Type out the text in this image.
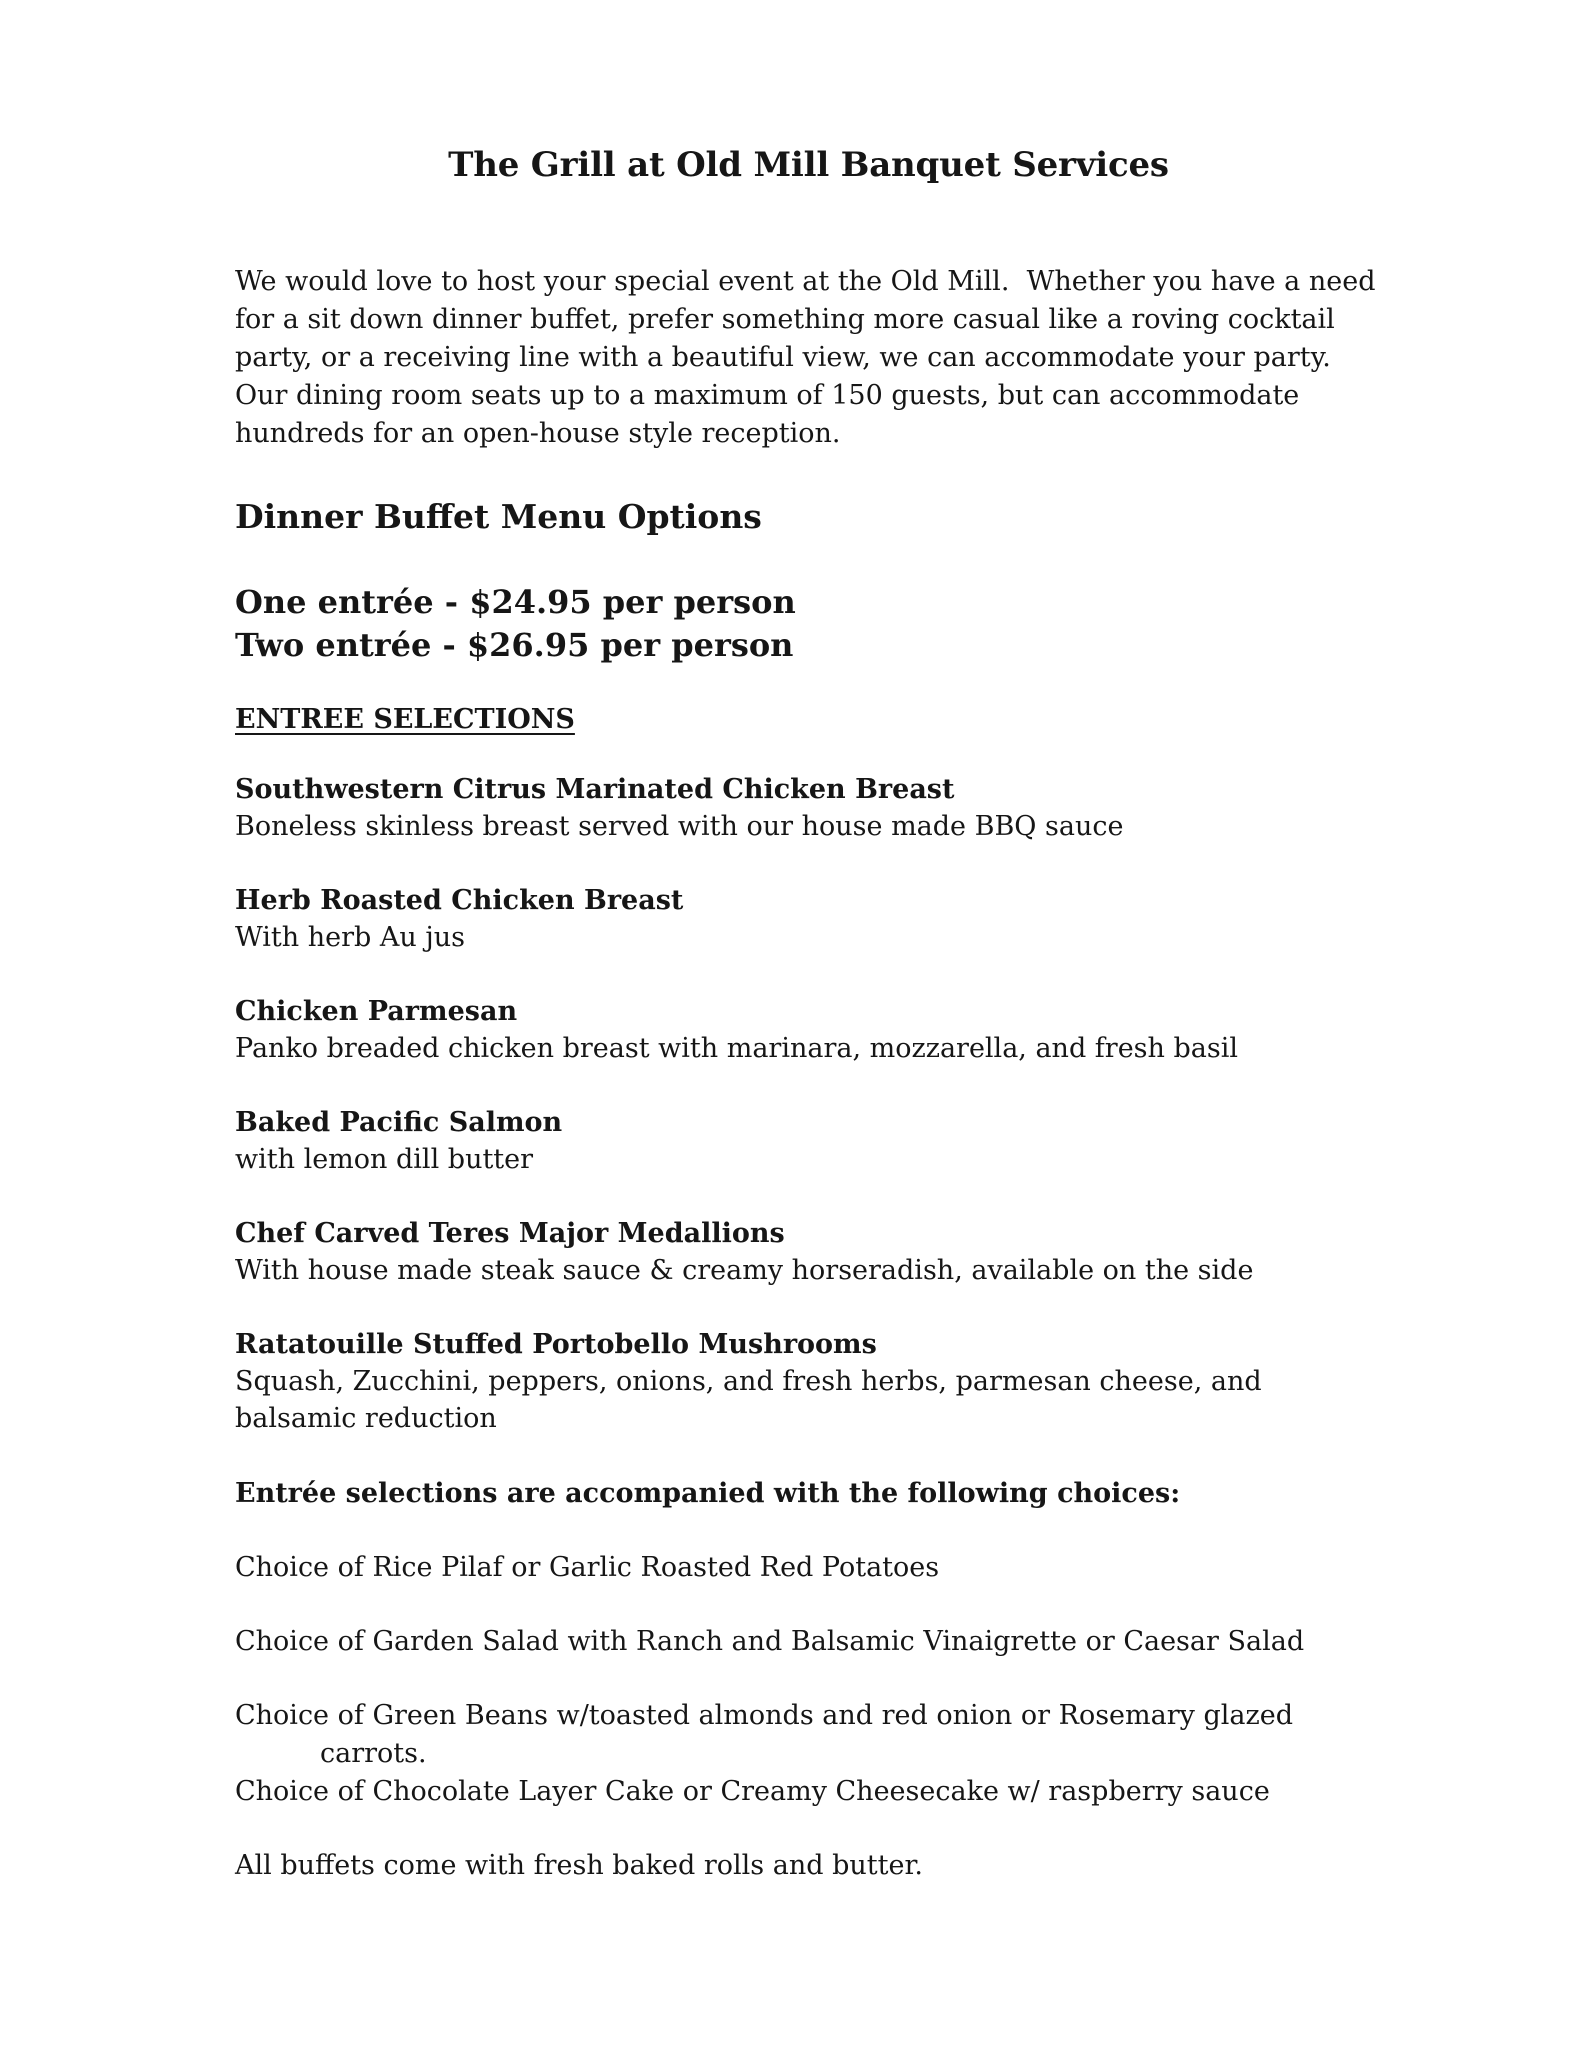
The Grill at Old Mill Banquet Services

We would love to host your special event at the Old Mill.  Whether you have a need for a sit down dinner buffet, prefer something more casual like a roving cocktail party, or a receiving line with a beautiful view, we can accommodate your party. Our dining room seats up to a maximum of 150 guests, but can accommodate hundreds for an open-house style reception.

Dinner Buffet Menu Options
One entrée - $24.95 per person
Two entrée - $26.95 per person
ENTREE SELECTIONS
Southwestern Citrus Marinated Chicken Breast
Boneless skinless breast served with our house made BBQ sauce
Herb Roasted Chicken Breast
With herb Au jus
Chicken Parmesan
Panko breaded chicken breast with marinara, mozzarella, and fresh basil
Baked Pacific Salmon
with lemon dill butter
Chef Carved Teres Major Medallions
With house made steak sauce & creamy horseradish, available on the side
Ratatouille Stuffed Portobello Mushrooms
Squash, Zucchini, peppers, onions, and fresh herbs, parmesan cheese, and balsamic reduction
Entrée selections are accompanied with the following choices:
Choice of Rice Pilaf or Garlic Roasted Red Potatoes
Choice of Garden Salad with Ranch and Balsamic Vinaigrette or Caesar Salad
Choice of Green Beans w/toasted almonds and red onion or Rosemary glazed
carrots.
Choice of Chocolate Layer Cake or Creamy Cheesecake w/ raspberry sauce
All buffets come with fresh baked rolls and butter.
